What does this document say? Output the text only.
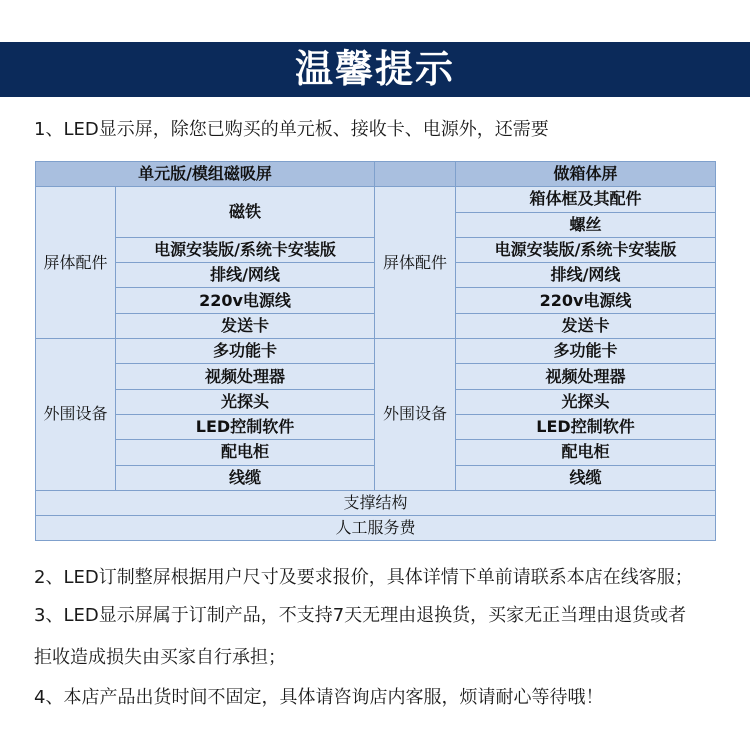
温馨提示
1、LED显示屏，除您已购买的单元板、接收卡、电源外，还需要
单元版/模组磁吸屏			做箱体屏
屏体配件	磁铁	屏体配件	箱体框及其配件
			螺丝
	电源安装版/系统卡安装版		电源安装版/系统卡安装版
	排线/网线		排线/网线
	220v电源线		220v电源线
	发送卡		发送卡
外围设备	多功能卡	外围设备	多功能卡
	视频处理器		视频处理器
	光探头		光探头
	LED控制软件		LED控制软件
	配电柜		配电柜
	线缆		线缆
支撑结构			
人工服务费			
2、LED订制整屏根据用户尺寸及要求报价，具体详情下单前请联系本店在线客服；
3、LED显示屏属于订制产品，不支持7天无理由退换货，买家无正当理由退货或者
拒收造成损失由买家自行承担；
4、本店产品出货时间不固定，具体请咨询店内客服，烦请耐心等待哦！
